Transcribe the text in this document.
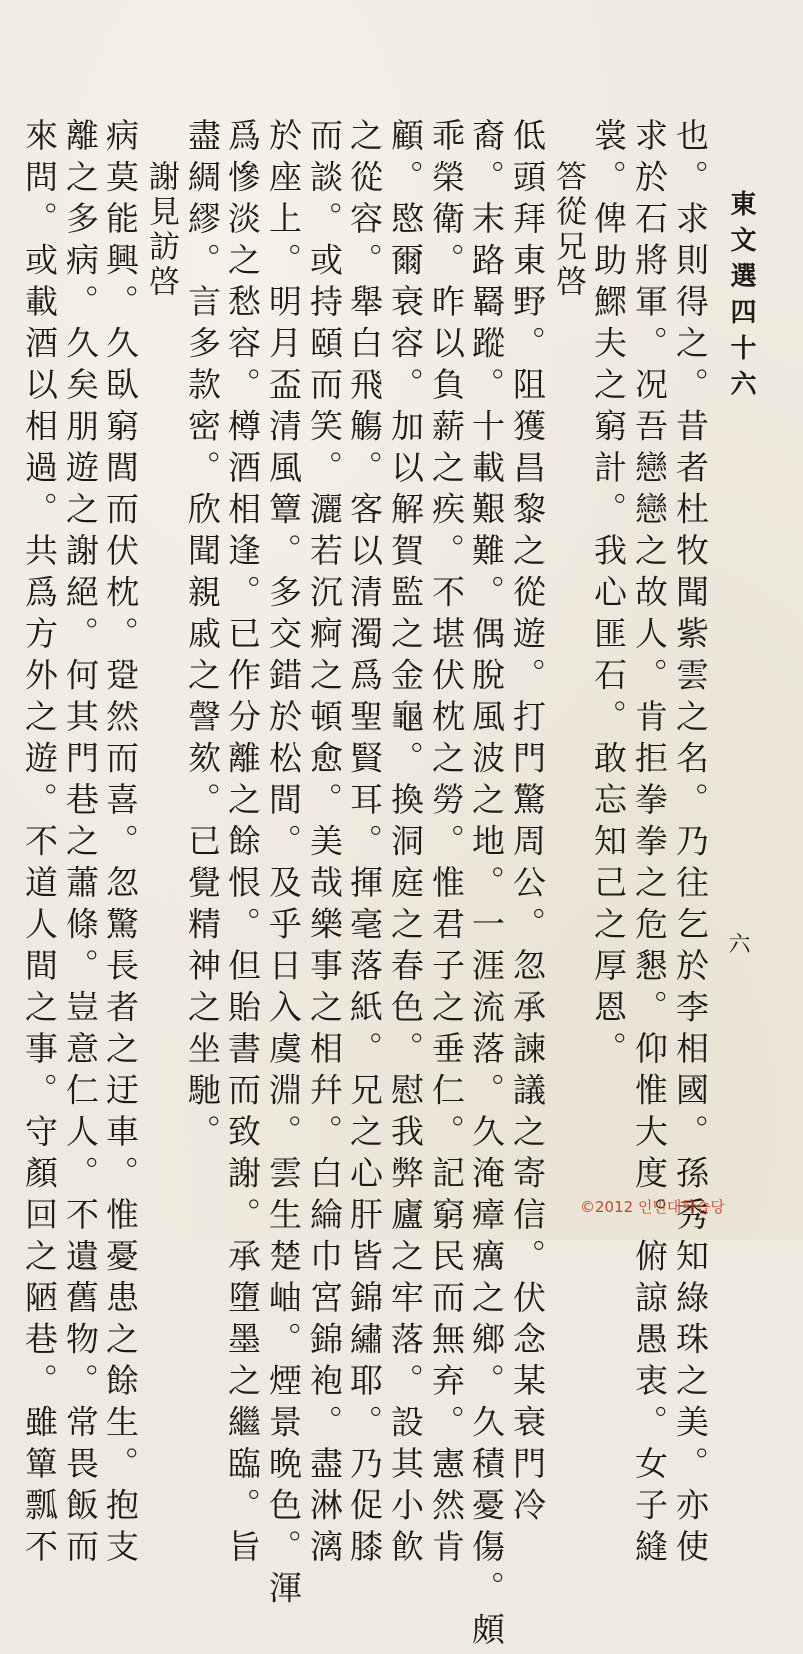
東文選四十六
六
也。求則得之。昔者杜牧聞紫雲之名。乃往乞於李相國。孫秀知綠珠之美。亦使
求於石將軍。况吾戀戀之故人。肯拒拳拳之危懇。仰惟大度。俯諒愚衷。女子縫
裳。俾助鰥夫之窮計。我心匪石。敢忘知己之厚恩。
答從兄啓
低頭拜東野。阻獲昌黎之從遊。打門驚周公。忽承諫議之寄信。伏念某衰門冷
裔。末路羇蹤。十載艱難。偶脫風波之地。一涯流落。久淹瘴癘之鄉。久積憂傷。頗
乖榮衛。昨以負薪之疾。不堪伏枕之勞。惟君子之垂仁。記窮民而無弃。憲然肯
顧。愍爾衰容。加以解賀監之金龜。換洞庭之春色。慰我弊廬之牢落。設其小飮
之從容。舉白飛觴。客以清濁爲聖賢耳。揮毫落紙。兄之心肝皆錦繡耶。乃促膝
而談。或持頤而笑。灑若沉痾之頓愈。美哉樂事之相幷。白綸巾宮錦袍。盡淋漓
於座上。明月盃清風簟。多交錯於松間。及乎日入虞淵。雲生楚岫。煙景晩色。渾
爲慘淡之愁容。樽酒相逢。已作分離之餘恨。但貽書而致謝。承墮墨之繼臨。旨
盡綢繆。言多款密。欣聞親戚之謦欬。已覺精神之坐馳。
謝見訪啓
病莫能興。久臥窮閭而伏枕。跫然而喜。忽驚長者之迂車。惟憂患之餘生。抱支
離之多病。久矣朋遊之謝絕。何其門巷之蕭條。豈意仁人。不遺舊物。常畏飯而
來問。或載酒以相過。共爲方外之遊。不道人間之事。守顏回之陋巷。雖簞瓢不	©2012 인민대학습당
